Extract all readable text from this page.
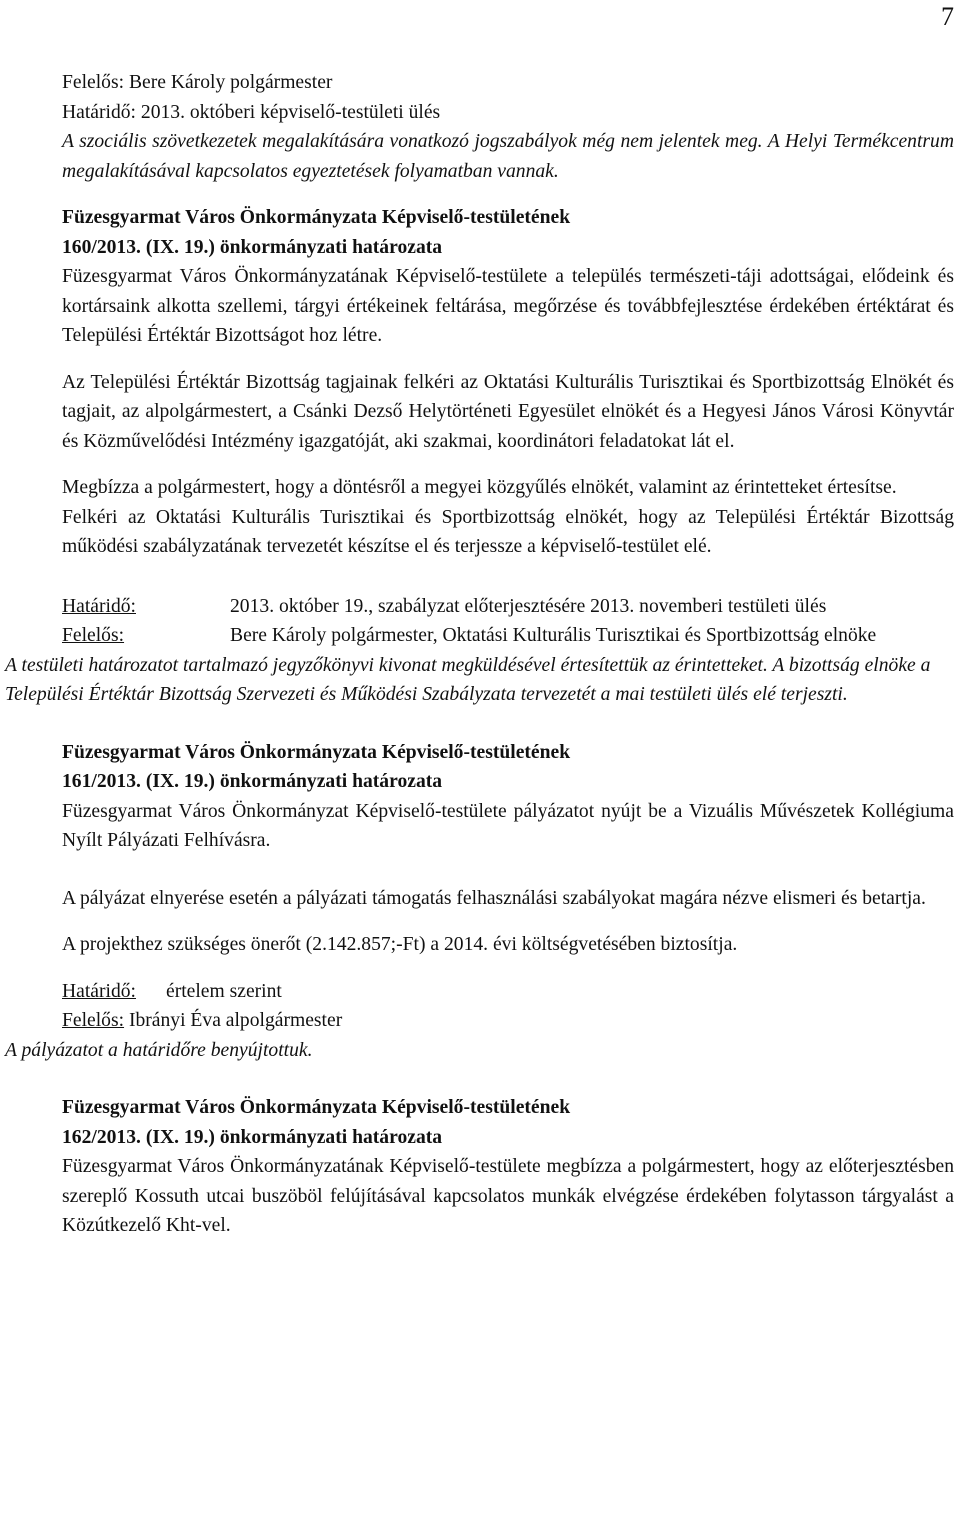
7

Felelős: Bere Károly polgármester

Határidő: 2013. októberi képviselő-testületi ülés

A szociális szövetkezetek megalakítására vonatkozó jogszabályok még nem jelentek meg. A Helyi Termékcentrum megalakításával kapcsolatos egyeztetések folyamatban vannak.

Füzesgyarmat Város Önkormányzata Képviselő-testületének

160/2013. (IX. 19.) önkormányzati határozata

Füzesgyarmat Város Önkormányzatának Képviselő-testülete a település természeti-táji adottságai, elődeink és kortársaink alkotta szellemi, tárgyi értékeinek feltárása, megőrzése és továbbfejlesztése érdekében értéktárat és Települési Értéktár Bizottságot hoz létre.

Az Települési Értéktár Bizottság tagjainak felkéri az Oktatási Kulturális Turisztikai és Sportbizottság Elnökét és tagjait, az alpolgármestert, a Csánki Dezső Helytörténeti Egyesület elnökét és a Hegyesi János Városi Könyvtár és Közművelődési Intézmény igazgatóját, aki szakmai, koordinátori feladatokat lát el.

Megbízza a polgármestert, hogy a döntésről a megyei közgyűlés elnökét, valamint az érintetteket értesítse.

Felkéri az Oktatási Kulturális Turisztikai és Sportbizottság elnökét, hogy az Települési Értéktár Bizottság működési szabályzatának tervezetét készítse el és terjessze a képviselő-testület elé.

Határidő:	2013. október 19., szabályzat előterjesztésére 2013. novemberi testületi ülés
Felelős:	Bere Károly polgármester, Oktatási Kulturális Turisztikai és Sportbizottság elnöke

A testületi határozatot tartalmazó jegyzőkönyvi kivonat megküldésével értesítettük az érintetteket. A bizottság elnöke a Települési Értéktár Bizottság Szervezeti és Működési Szabályzata tervezetét a mai testületi ülés elé terjeszti.

Füzesgyarmat Város Önkormányzata Képviselő-testületének

161/2013. (IX. 19.) önkormányzati határozata

Füzesgyarmat Város Önkormányzat Képviselő-testülete pályázatot nyújt be a Vizuális Művészetek Kollégiuma Nyílt Pályázati Felhívásra.

A pályázat elnyerése esetén a pályázati támogatás felhasználási szabályokat magára nézve elismeri és betartja.

A projekthez szükséges önerőt (2.142.857;-Ft) a 2014. évi költségvetésében biztosítja.

Határidő: értelem szerint

Felelős: Ibrányi Éva alpolgármester

A pályázatot a határidőre benyújtottuk.

Füzesgyarmat Város Önkormányzata Képviselő-testületének

162/2013. (IX. 19.) önkormányzati határozata

Füzesgyarmat Város Önkormányzatának Képviselő-testülete megbízza a polgármestert, hogy az előterjesztésben szereplő Kossuth utcai buszöböl felújításával kapcsolatos munkák elvégzése érdekében folytasson tárgyalást a Közútkezelő Kht-vel.
